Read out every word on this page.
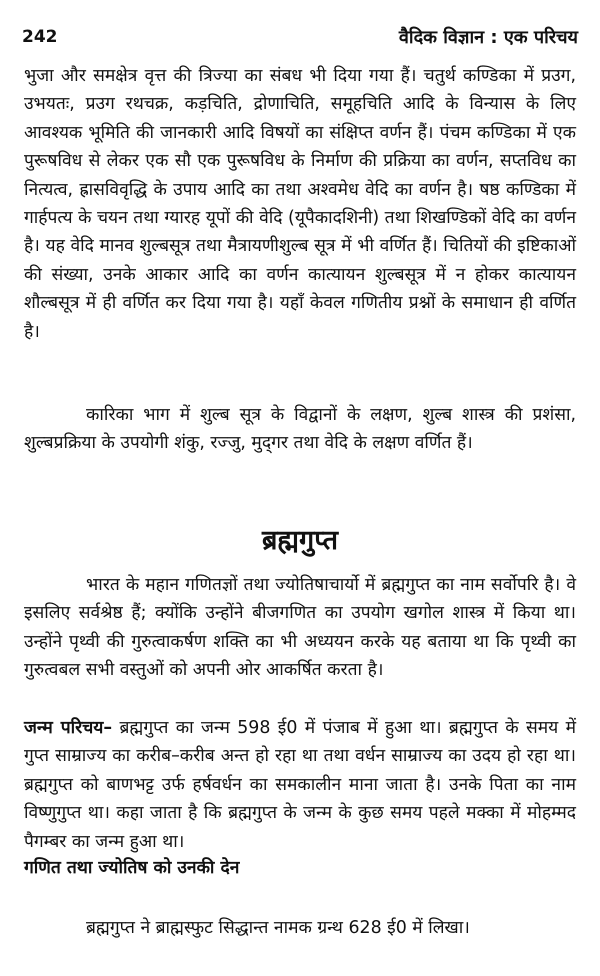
242	वैदिक विज्ञान : एक परिचय

भुजा और समक्षेत्र वृत्त की त्रिज्या का संबध भी दिया गया हैं। चतुर्थ कण्डिका में प्रउग, उभयतः, प्रउग रथचक्र, कड़चिति, द्रोणाचिति, समूहचिति आदि के विन्यास के लिए आवश्यक भूमिति की जानकारी आदि विषयों का संक्षिप्त वर्णन हैं। पंचम कण्डिका में एक पुरूषविध से लेकर एक सौ एक पुरूषविध के निर्माण की प्रक्रिया का वर्णन, सप्तविध का नित्यत्व, ह्रासविवृद्धि के उपाय आदि का तथा अश्वमेध वेदि का वर्णन है। षष्ठ कण्डिका में गार्हपत्य के चयन तथा ग्यारह यूपों की वेदि (यूपैकादशिनी) तथा शिखण्डिकों वेदि का वर्णन है। यह वेदि मानव शुल्बसूत्र तथा मैत्रायणीशुल्ब सूत्र में भी वर्णित हैं। चितियों की इष्टिकाओं की संख्या, उनके आकार आदि का वर्णन कात्यायन शुल्बसूत्र में न होकर कात्यायन शौल्बसूत्र में ही वर्णित कर दिया गया है। यहाँ केवल गणितीय प्रश्नों के समाधान ही वर्णित है।

कारिका भाग में शुल्ब सूत्र के विद्वानों के लक्षण, शुल्ब शास्त्र की प्रशंसा, शुल्बप्रक्रिया के उपयोगी शंकु, रज्जु, मुद्‌गर तथा वेदि के लक्षण वर्णित हैं।

ब्रह्मगुप्त

भारत के महान गणितज्ञों तथा ज्योतिषाचार्यो में ब्रह्मगुप्त का नाम सर्वोपरि है। वे इसलिए सर्वश्रेष्ठ हैं; क्योंकि उन्होंने बीजगणित का उपयोग खगोल शास्त्र में किया था। उन्होंने पृथ्वी की गुरुत्वाकर्षण शक्ति का भी अध्ययन करके यह बताया था कि पृथ्वी का गुरुत्वबल सभी वस्तुओं को अपनी ओर आकर्षित करता है।

जन्म परिचय– ब्रह्मगुप्त का जन्म 598 ई0 में पंजाब में हुआ था। ब्रह्मगुप्त के समय में गुप्त साम्राज्य का करीब–करीब अन्त हो रहा था तथा वर्धन साम्राज्य का उदय हो रहा था। ब्रह्मगुप्त को बाणभट्ट उर्फ हर्षवर्धन का समकालीन माना जाता है। उनके पिता का नाम विष्णुगुप्त था। कहा जाता है कि ब्रह्मगुप्त के जन्म के कुछ समय पहले मक्का में मोहम्मद पैगम्बर का जन्म हुआ था।

गणित तथा ज्योतिष को उनकी देन

ब्रह्मगुप्त ने ब्राह्मस्फुट सिद्धान्त नामक ग्रन्थ 628 ई0 में लिखा।
